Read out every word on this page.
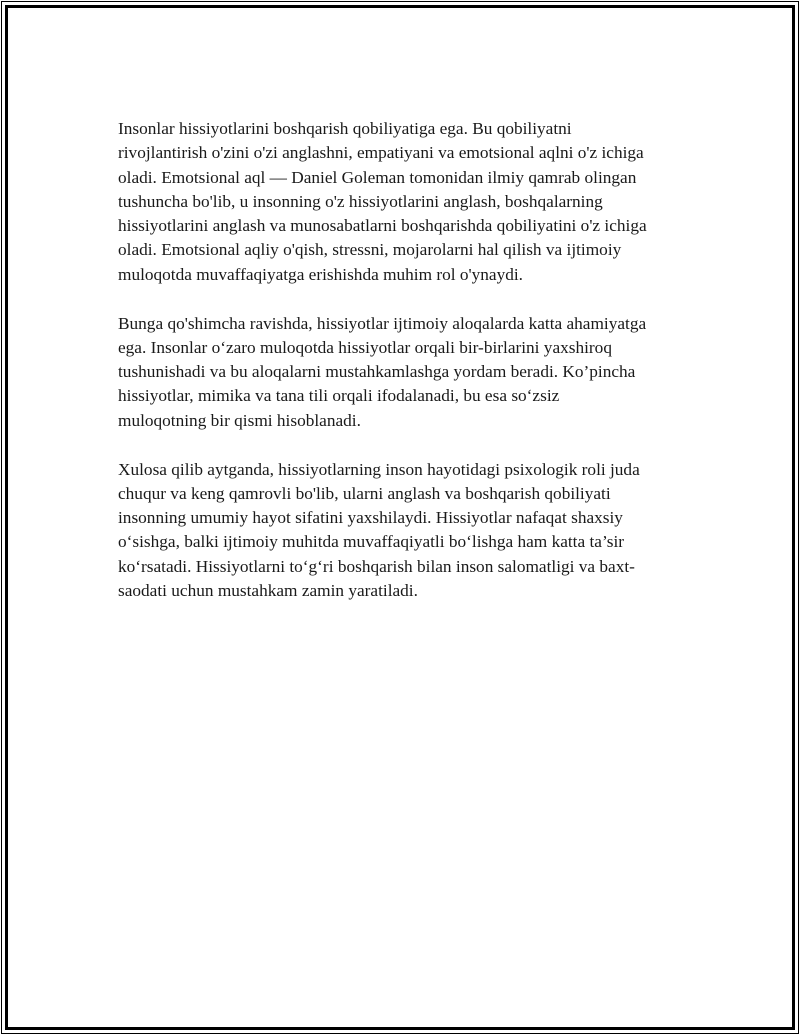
Insonlar hissiyotlarini boshqarish qobiliyatiga ega. Bu qobiliyatni
rivojlantirish o'zini o'zi anglashni, empatiyani va emotsional aqlni o'z ichiga
oladi. Emotsional aql — Daniel Goleman tomonidan ilmiy qamrab olingan
tushuncha bo'lib, u insonning o'z hissiyotlarini anglash, boshqalarning
hissiyotlarini anglash va munosabatlarni boshqarishda qobiliyatini o'z ichiga
oladi. Emotsional aqliy o'qish, stressni, mojarolarni hal qilish va ijtimoiy
muloqotda muvaffaqiyatga erishishda muhim rol o'ynaydi.

Bunga qo'shimcha ravishda, hissiyotlar ijtimoiy aloqalarda katta ahamiyatga
ega. Insonlar o‘zaro muloqotda hissiyotlar orqali bir-birlarini yaxshiroq
tushunishadi va bu aloqalarni mustahkamlashga yordam beradi. Ko’pincha
hissiyotlar, mimika va tana tili orqali ifodalanadi, bu esa so‘zsiz
muloqotning bir qismi hisoblanadi.

Xulosa qilib aytganda, hissiyotlarning inson hayotidagi psixologik roli juda
chuqur va keng qamrovli bo'lib, ularni anglash va boshqarish qobiliyati
insonning umumiy hayot sifatini yaxshilaydi. Hissiyotlar nafaqat shaxsiy
o‘sishga, balki ijtimoiy muhitda muvaffaqiyatli bo‘lishga ham katta ta’sir
ko‘rsatadi. Hissiyotlarni to‘g‘ri boshqarish bilan inson salomatligi va baxt-
saodati uchun mustahkam zamin yaratiladi.
